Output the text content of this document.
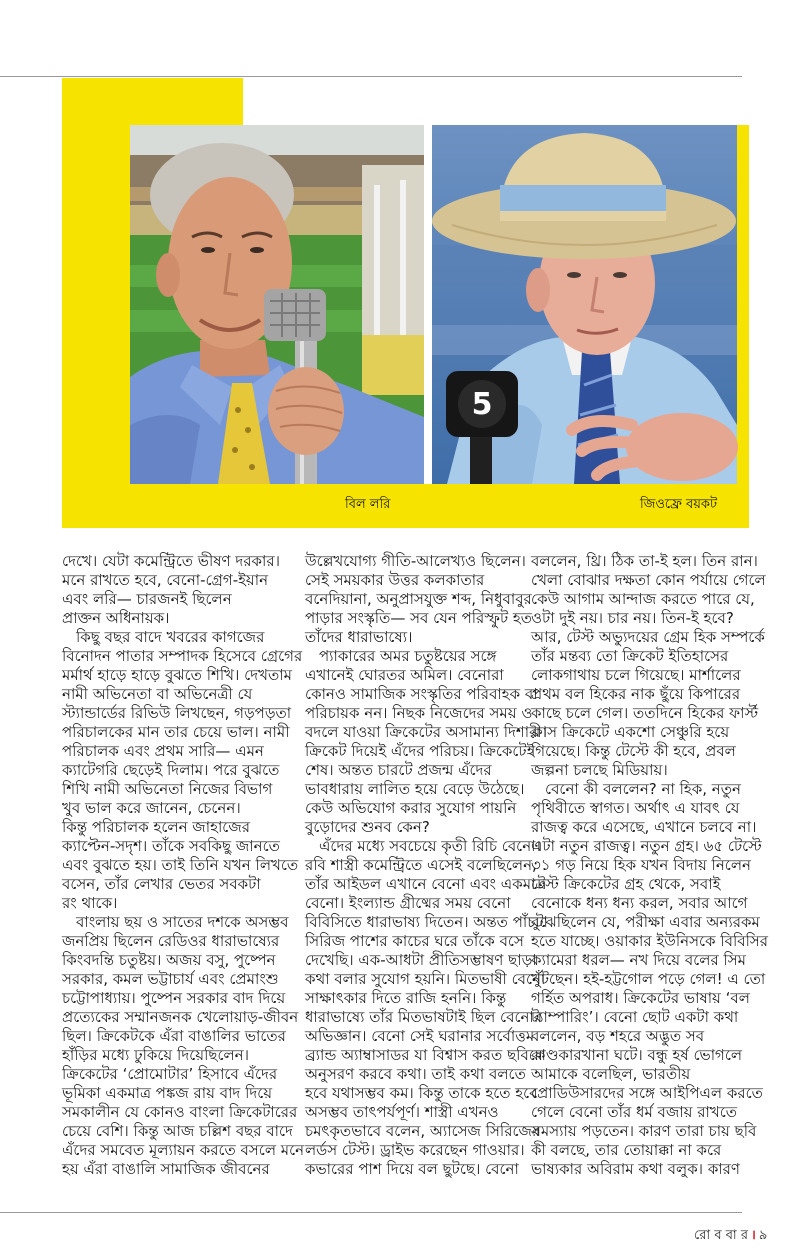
5
বিল লরি	জিওফ্রে বয়কট
দেখে। যেটা কমেন্ট্রিতে ভীষণ দরকার।
মনে রাখতে হবে, বেনো-গ্রেগ-ইয়ান
এবং লরি— চারজনই ছিলেন
প্রাক্তন অধিনায়ক।
কিছু বছর বাদে খবরের কাগজের
বিনোদন পাতার সম্পাদক হিসেবে গ্রেগের
মর্মার্থ হাড়ে হাড়ে বুঝতে শিখি। দেখতাম
নামী অভিনেতা বা অভিনেত্রী যে
স্ট্যান্ডার্ডের রিভিউ লিখছেন, গড়পড়তা
পরিচালকের মান তার চেয়ে ভাল। নামী
পরিচালক এবং প্রথম সারি— এমন
ক্যাটেগরি ছেড়েই দিলাম। পরে বুঝতে
শিখি নামী অভিনেতা নিজের বিভাগ
খুব ভাল করে জানেন, চেনেন।
কিন্তু পরিচালক হলেন জাহাজের
ক্যাপ্টেন-সদৃশ। তাঁকে সবকিছু জানতে
এবং বুঝতে হয়। তাই তিনি যখন লিখতে
বসেন, তাঁর লেখার ভেতর সবকটা
রং থাকে।
বাংলায় ছয় ও সাতের দশকে অসম্ভব
জনপ্রিয় ছিলেন রেডিওর ধারাভাষ্যের
কিংবদন্তি চতুষ্টয়। অজয় বসু, পুষ্পেন
সরকার, কমল ভট্টাচার্য এবং প্রেমাংশু
চট্টোপাধ্যায়। পুষ্পেন সরকার বাদ দিয়ে
প্রত্যেকের সম্মানজনক খেলোয়াড়-জীবন
ছিল। ক্রিকেটকে এঁরা বাঙালির ভাতের
হাঁড়ির মধ্যে ঢুকিয়ে দিয়েছিলেন।
ক্রিকেটের ‘প্রোমোটার’ হিসাবে এঁদের
ভূমিকা একমাত্র পঙ্কজ রায় বাদ দিয়ে
সমকালীন যে কোনও বাংলা ক্রিকেটারের
চেয়ে বেশি। কিন্তু আজ চল্লিশ বছর বাদে
এঁদের সমবেত মূল্যায়ন করতে বসলে মনে
হয় এঁরা বাঙালি সামাজিক জীবনের
উল্লেখযোগ্য গীতি-আলেখ্যও ছিলেন।
সেই সময়কার উত্তর কলকাতার
বনেদিয়ানা, অনুপ্রাসযুক্ত শব্দ, নিধুবাবুর
পাড়ার সংস্কৃতি— সব যেন পরিস্ফুট হত
তাঁদের ধারাভাষ্যে।
প্যাকারের অমর চতুষ্টয়ের সঙ্গে
এখানেই ঘোরতর অমিল। বেনোরা
কোনও সামাজিক সংস্কৃতির পরিবাহক বা
পরিচায়ক নন। নিছক নিজেদের সময় ও
বদলে যাওয়া ক্রিকেটের অসামান্য দিশারী।
ক্রিকেট দিয়েই এঁদের পরিচয়। ক্রিকেটেই
শেষ। অন্তত চারটে প্রজন্ম এঁদের
ভাবধারায় লালিত হয়ে বেড়ে উঠেছে।
কেউ অভিযোগ করার সুযোগ পায়নি
বুড়োদের শুনব কেন?
এঁদের মধ্যে সবচেয়ে কৃতী রিচি বেনো।
রবি শাস্ত্রী কমেন্ট্রিতে এসেই বলেছিলেন,
তাঁর আইডল এখানে বেনো এবং একমাত্র
বেনো। ইংল্যান্ড গ্রীষ্মের সময় বেনো
বিবিসিতে ধারাভাষ্য দিতেন। অন্তত পাঁচটা
সিরিজ পাশের কাচের ঘরে তাঁকে বসে
দেখেছি। এক-আধটা প্রীতিসম্ভাষণ ছাড়া
কথা বলার সুযোগ হয়নি। মিতভাষী বেনো
সাক্ষাৎকার দিতে রাজি হননি। কিন্তু
ধারাভাষ্যে তাঁর মিতভাষটাই ছিল বেনোর
অভিজ্ঞান। বেনো সেই ঘরানার সর্বোত্তম
ব্র্যান্ড অ্যাম্বাসাডর যা বিশ্বাস করত ছবিকে
অনুসরণ করবে কথা। তাই কথা বলতে
হবে যথাসম্ভব কম। কিন্তু তাকে হতে হবে
অসম্ভব তাৎপর্যপূর্ণ। শাস্ত্রী এখনও
চমৎকৃতভাবে বলেন, অ্যাসেজ সিরিজের
লর্ডস টেস্ট। ড্রাইভ করেছেন গাওয়ার।
কভারের পাশ দিয়ে বল ছুটছে। বেনো
বললেন, থ্রি। ঠিক তা-ই হল। তিন রান।
খেলা বোঝার দক্ষতা কোন পর্যায়ে গেলে
কেউ আগাম আন্দাজ করতে পারে যে,
ওটা দুই নয়। চার নয়। তিন-ই হবে?
আর, টেস্ট অভ্যুদয়ের গ্রেম হিক সম্পর্কে
তাঁর মন্তব্য তো ক্রিকেট ইতিহাসের
লোকগাথায় চলে গিয়েছে। মার্শালের
প্রথম বল হিকের নাক ছুঁয়ে কিপারের
কাছে চলে গেল। ততদিনে হিকের ফার্স্ট
ক্লাস ক্রিকেটে একশো সেঞ্চুরি হয়ে
গিয়েছে। কিন্তু টেস্টে কী হবে, প্রবল
জল্পনা চলছে মিডিয়ায়।
বেনো কী বললেন? না হিক, নতুন
পৃথিবীতে স্বাগত। অর্থাৎ এ যাবৎ যে
রাজত্ব করে এসেছে, এখানে চলবে না।
এটা নতুন রাজত্ব। নতুন গ্রহ। ৬৫ টেস্টে
৩১ গড় নিয়ে হিক যখন বিদায় নিলেন
টেস্ট ক্রিকেটের গ্রহ থেকে, সবাই
বেনোকে ধন্য ধন্য করল, সবার আগে
বুঝেছিলেন যে, পরীক্ষা এবার অন্যরকম
হতে যাচ্ছে। ওয়াকার ইউনিসকে বিবিসির
ক্যামেরা ধরল— নখ দিয়ে বলের সিম
খুঁটছেন। হই-হট্টগোল পড়ে গেল! এ তো
গর্হিত অপরাধ। ক্রিকেটের ভাষায় ‘বল
ট্যাম্পারিং’। বেনো ছোট একটা কথা
বললেন, বড় শহরে অদ্ভুত সব
কাণ্ডকারখানা ঘটে। বন্ধু হর্ষ ভোগলে
আমাকে বলেছিল, ভারতীয়
প্রোডিউসারদের সঙ্গে আইপিএল করতে
গেলে বেনো তাঁর ধর্ম বজায় রাখতে
সমস্যায় পড়তেন। কারণ তারা চায় ছবি
কী বলছে, তার তোয়াক্কা না করে
ভাষ্যকার অবিরাম কথা বলুক। কারণ
রো ব বা র । ৯
